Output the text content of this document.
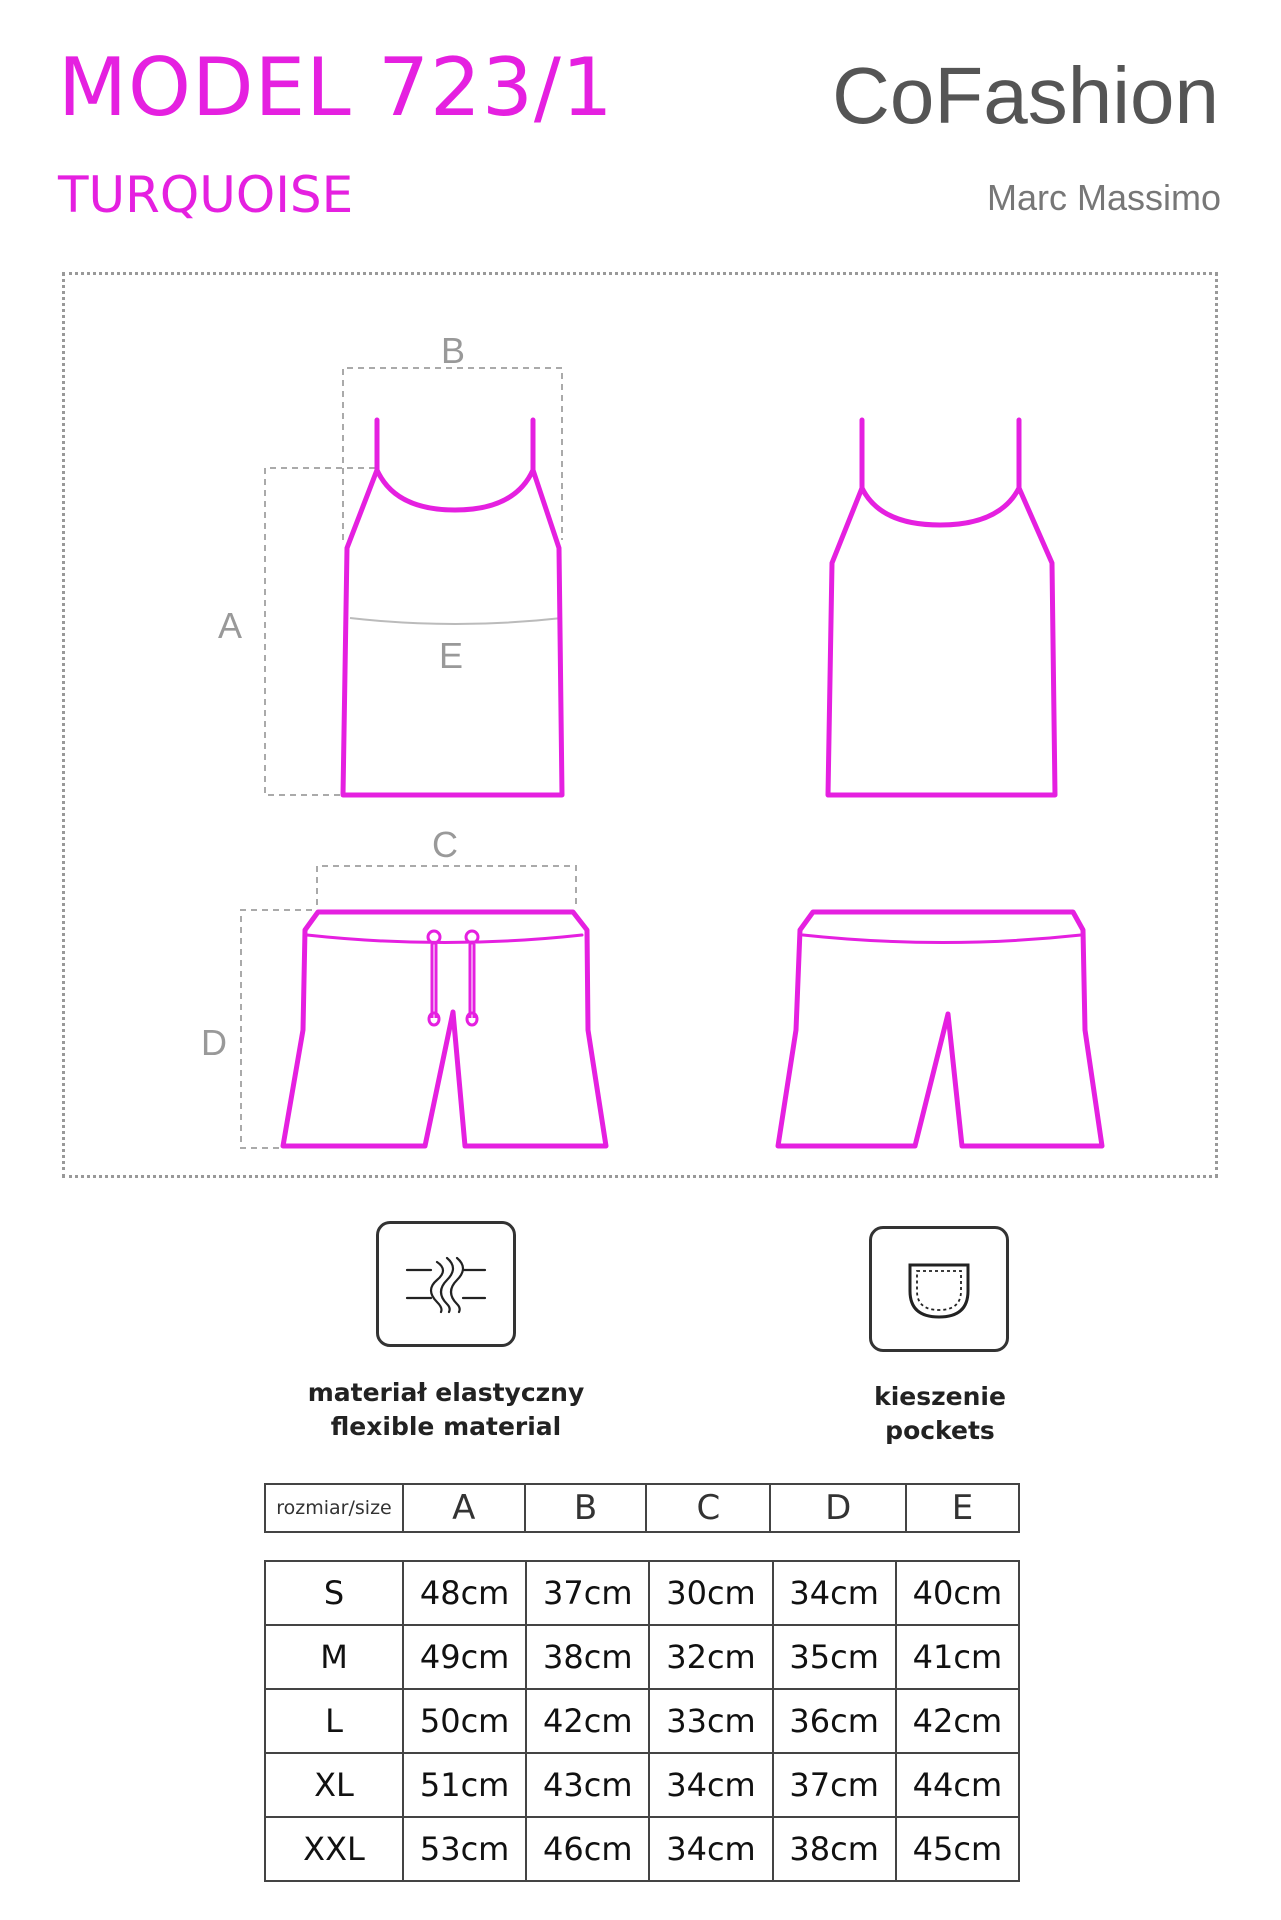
MODEL 723/1
TURQUOISE
CoFashion
Marc Massimo
B
A
E
C
D
materiał elastyczny
flexible material
kieszenie
pockets
rozmiar/size	A	B	C	D	E
S	48cm	37cm	30cm	34cm	40cm
M	49cm	38cm	32cm	35cm	41cm
L	50cm	42cm	33cm	36cm	42cm
XL	51cm	43cm	34cm	37cm	44cm
XXL	53cm	46cm	34cm	38cm	45cm
